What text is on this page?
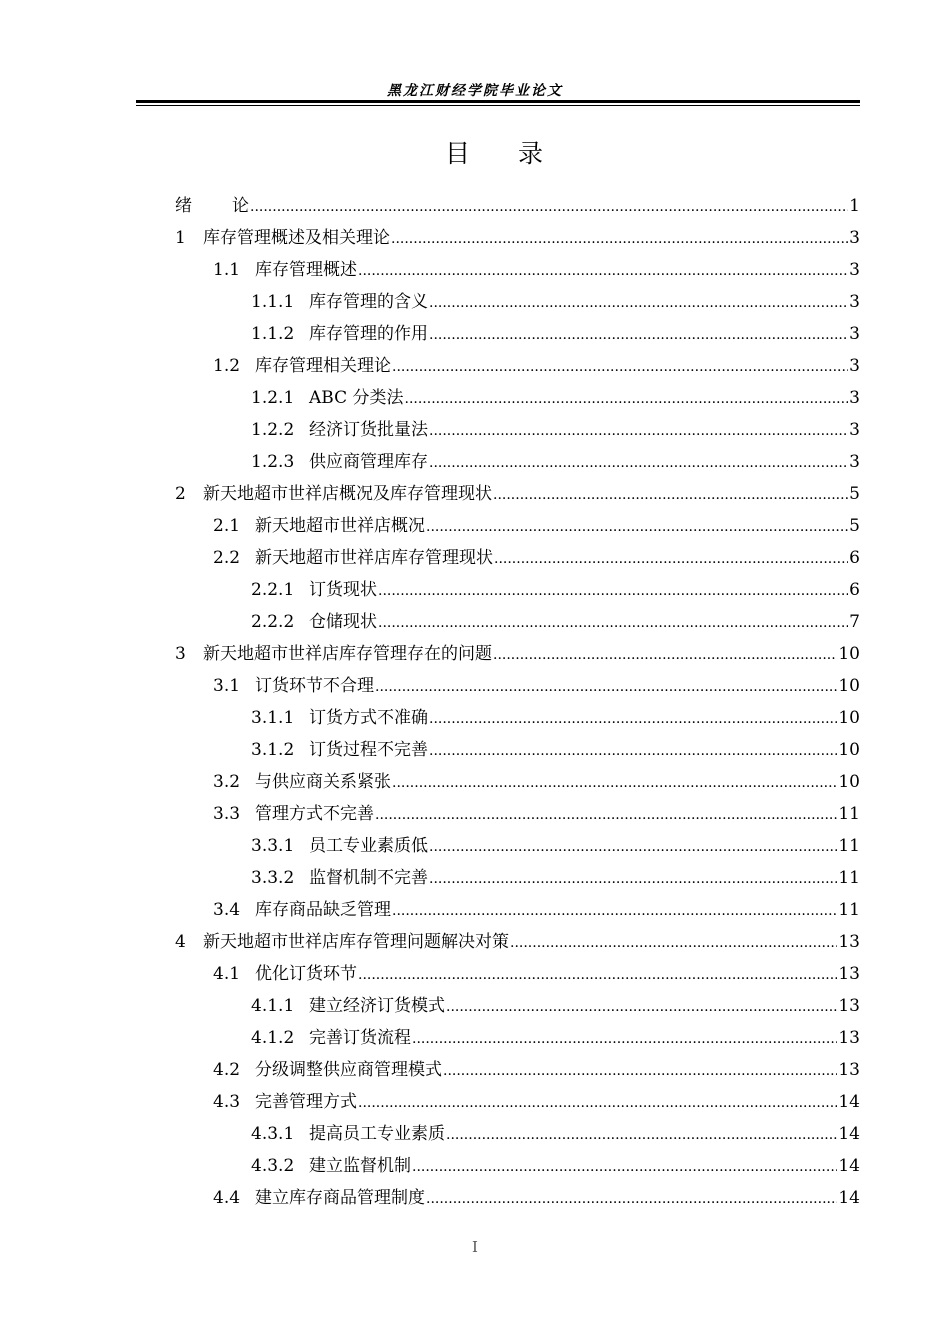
黑龙江财经学院毕业论文
目录
绪论 .....	1
1	库存管理概述及相关理论 .....	3
1.1 库存管理概述 .....	3
1.1.1 库存管理的含义 .....	3
1.1.2 库存管理的作用 .....	3
1.2 库存管理相关理论 .....	3
1.2.1 ABC 分类法 .....	3
1.2.2 经济订货批量法 .....	3
1.2.3 供应商管理库存 .....	3
2	新天地超市世祥店概况及库存管理现状 .....	5
2.1 新天地超市世祥店概况 .....	5
2.2 新天地超市世祥店库存管理现状 .....	6
2.2.1 订货现状 .....	6
2.2.2 仓储现状 .....	7
3	新天地超市世祥店库存管理存在的问题 .....	10
3.1 订货环节不合理 .....	10
3.1.1 订货方式不准确 .....	10
3.1.2 订货过程不完善 .....	10
3.2 与供应商关系紧张 .....	10
3.3 管理方式不完善 .....	11
3.3.1 员工专业素质低 .....	11
3.3.2 监督机制不完善 .....	11
3.4 库存商品缺乏管理 .....	11
4	新天地超市世祥店库存管理问题解决对策 .....	13
4.1 优化订货环节 .....	13
4.1.1 建立经济订货模式 .....	13
4.1.2 完善订货流程 .....	13
4.2 分级调整供应商管理模式 .....	13
4.3 完善管理方式 .....	14
4.3.1 提高员工专业素质 .....	14
4.3.2 建立监督机制 .....	14
4.4 建立库存商品管理制度 .....	14
I
